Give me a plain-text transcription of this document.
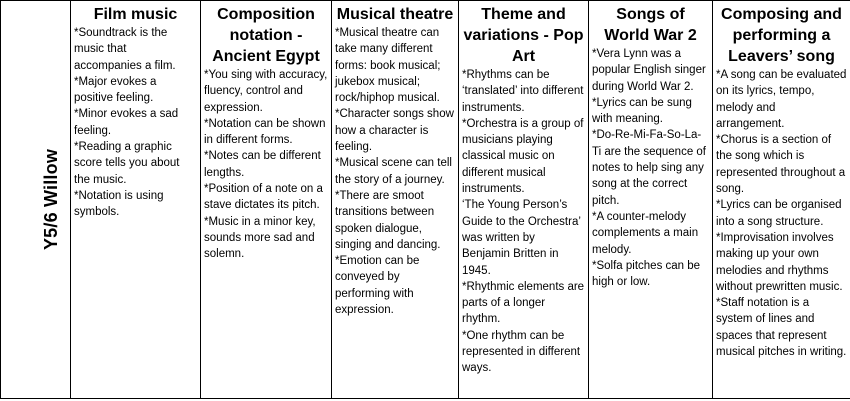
Y5/6 Willow	
Film music
*Soundtrack is the music that accompanies a film.
*Major evokes a positive feeling.
*Minor evokes a sad feeling.
*Reading a graphic score tells you about the music.
*Notation is using symbols.

Composition notation - Ancient Egypt
*You sing with accuracy, fluency, control and expression.
*Notation can be shown in different forms.
*Notes can be different lengths.
*Position of a note on a stave dictates its pitch.
*Music in a minor key, sounds more sad and solemn.

Musical theatre
*Musical theatre can take many different forms: book musical; jukebox musical; rock/hiphop musical.
*Character songs show how a character is feeling.
*Musical scene can tell the story of a journey.
*There are smoot transitions between spoken dialogue, singing and dancing.
*Emotion can be conveyed by performing with expression.

Theme and variations - Pop Art
*Rhythms can be ‘translated’ into different instruments.
*Orchestra is a group of musicians playing classical music on different musical instruments.
‘The Young Person’s Guide to the Orchestra’ was written by Benjamin Britten in 1945.
*Rhythmic elements are parts of a longer rhythm.
*One rhythm can be represented in different ways.

Songs of World War 2
*Vera Lynn was a popular English singer during World War 2.
*Lyrics can be sung with meaning.
*Do-Re-Mi-Fa-So-La-Ti are the sequence of notes to help sing any song at the correct pitch.
*A counter-melody complements a main melody.
*Solfa pitches can be high or low.

Composing and performing a Leavers’ song
*A song can be evaluated on its lyrics, tempo, melody and arrangement.
*Chorus is a section of the song which is represented throughout a song.
*Lyrics can be organised into a song structure.
*Improvisation involves making up your own melodies and rhythms without prewritten music.
*Staff notation is a system of lines and spaces that represent musical pitches in writing.
